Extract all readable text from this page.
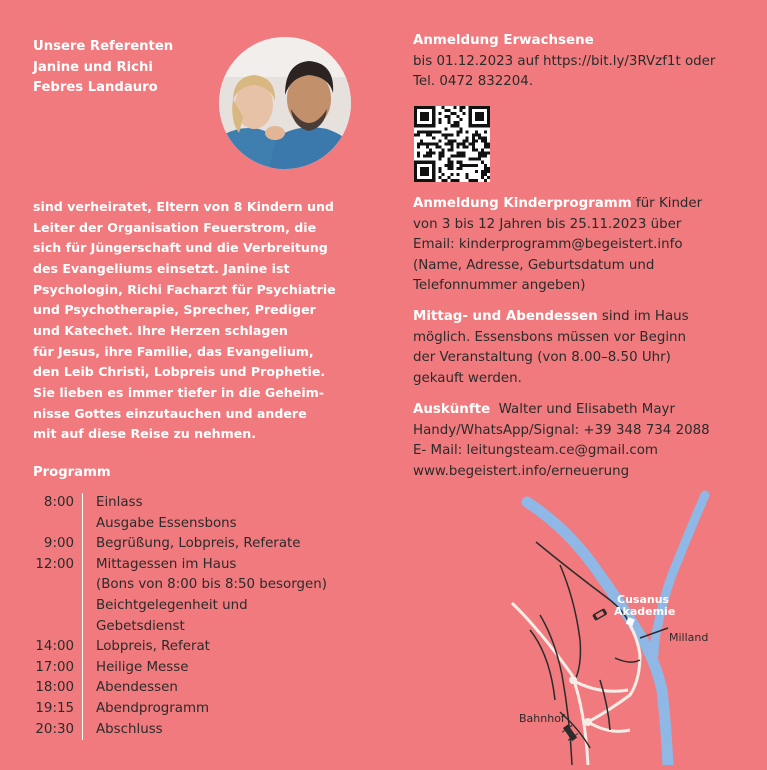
Unsere Referenten
Janine und Richi
Febres Landauro
sind verheiratet, Eltern von 8 Kindern und
Leiter der Organisation Feuerstrom, die
sich für Jüngerschaft und die Verbreitung
des Evangeliums einsetzt. Janine ist
Psychologin, Richi Facharzt für Psychiatrie
und Psychotherapie, Sprecher, Prediger
und Katechet. Ihre Herzen schlagen
für Jesus, ihre Familie, das Evangelium,
den Leib Christi, Lobpreis und Prophetie.
Sie lieben es immer tiefer in die Geheim-
nisse Gottes einzutauchen und andere
mit auf diese Reise zu nehmen.
Programm
8:00 Einlass
Ausgabe Essensbons
9:00 Begrüßung, Lobpreis, Referate
12:00 Mittagessen im Haus
(Bons von 8:00 bis 8:50 besorgen)
Beichtgelegenheit und
Gebetsdienst
14:00 Lobpreis, Referat
17:00 Heilige Messe
18:00 Abendessen
19:15 Abendprogramm
20:30 Abschluss
Anmeldung Erwachsene
bis 01.12.2023 auf https://bit.ly/3RVzf1t oder
Tel. 0472 832204.
Anmeldung Kinderprogramm für Kinder
von 3 bis 12 Jahren bis 25.11.2023 über
Email: kinderprogramm@begeistert.info
(Name, Adresse, Geburtsdatum und
Telefonnummer angeben)
Mittag- und Abendessen sind im Haus
möglich. Essensbons müssen vor Beginn
der Veranstaltung (von 8.00–8.50 Uhr)
gekauft werden.
Auskünfte  Walter und Elisabeth Mayr
Handy/WhatsApp/Signal: +39 348 734 2088
E- Mail: leitungsteam.ce@gmail.com
www.begeistert.info/erneuerung
Cusanus
Akademie
Milland
Bahnhof
